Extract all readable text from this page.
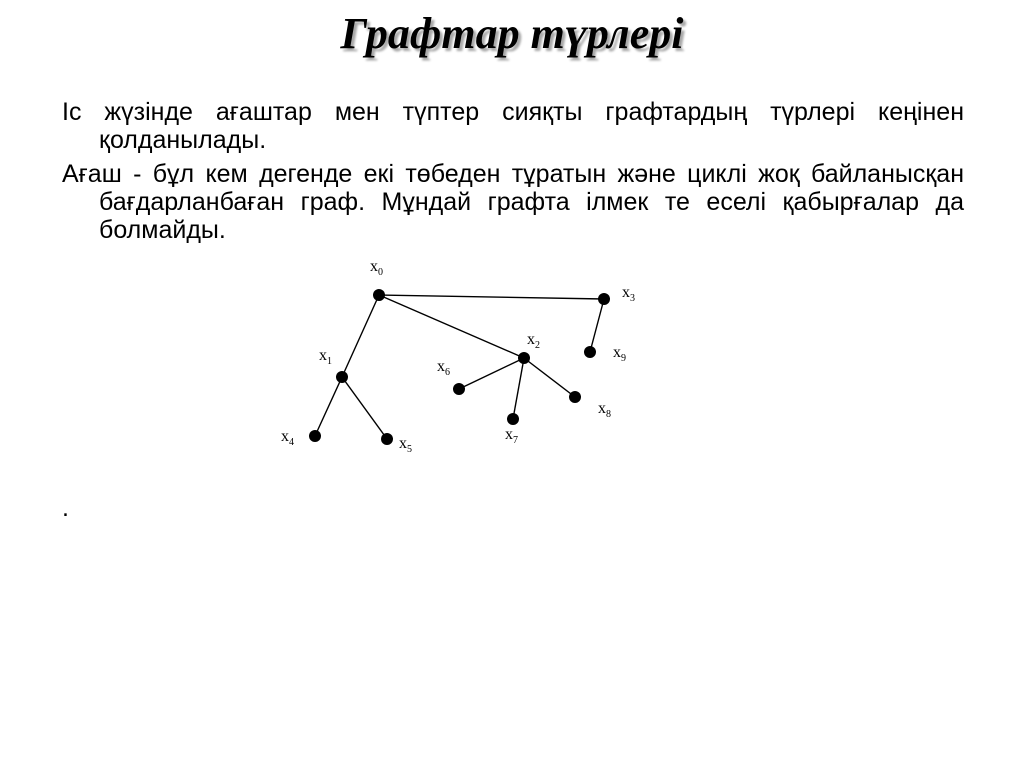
Графтар түрлері
Іс жүзінде ағаштар мен түптер сияқты графтардың түрлері кеңінен қолданылады.
Ағаш - бұл кем дегенде екі төбеден тұратын және циклі жоқ байланысқан бағдарланбаған граф. Мұндай графта ілмек те еселі қабырғалар да болмайды.
$x_0$
$x_1$
$x_2$
$x_3$
$x_4$	$x_5$
$x_6$
$x_7$
$x_8$
$x_9$
.
